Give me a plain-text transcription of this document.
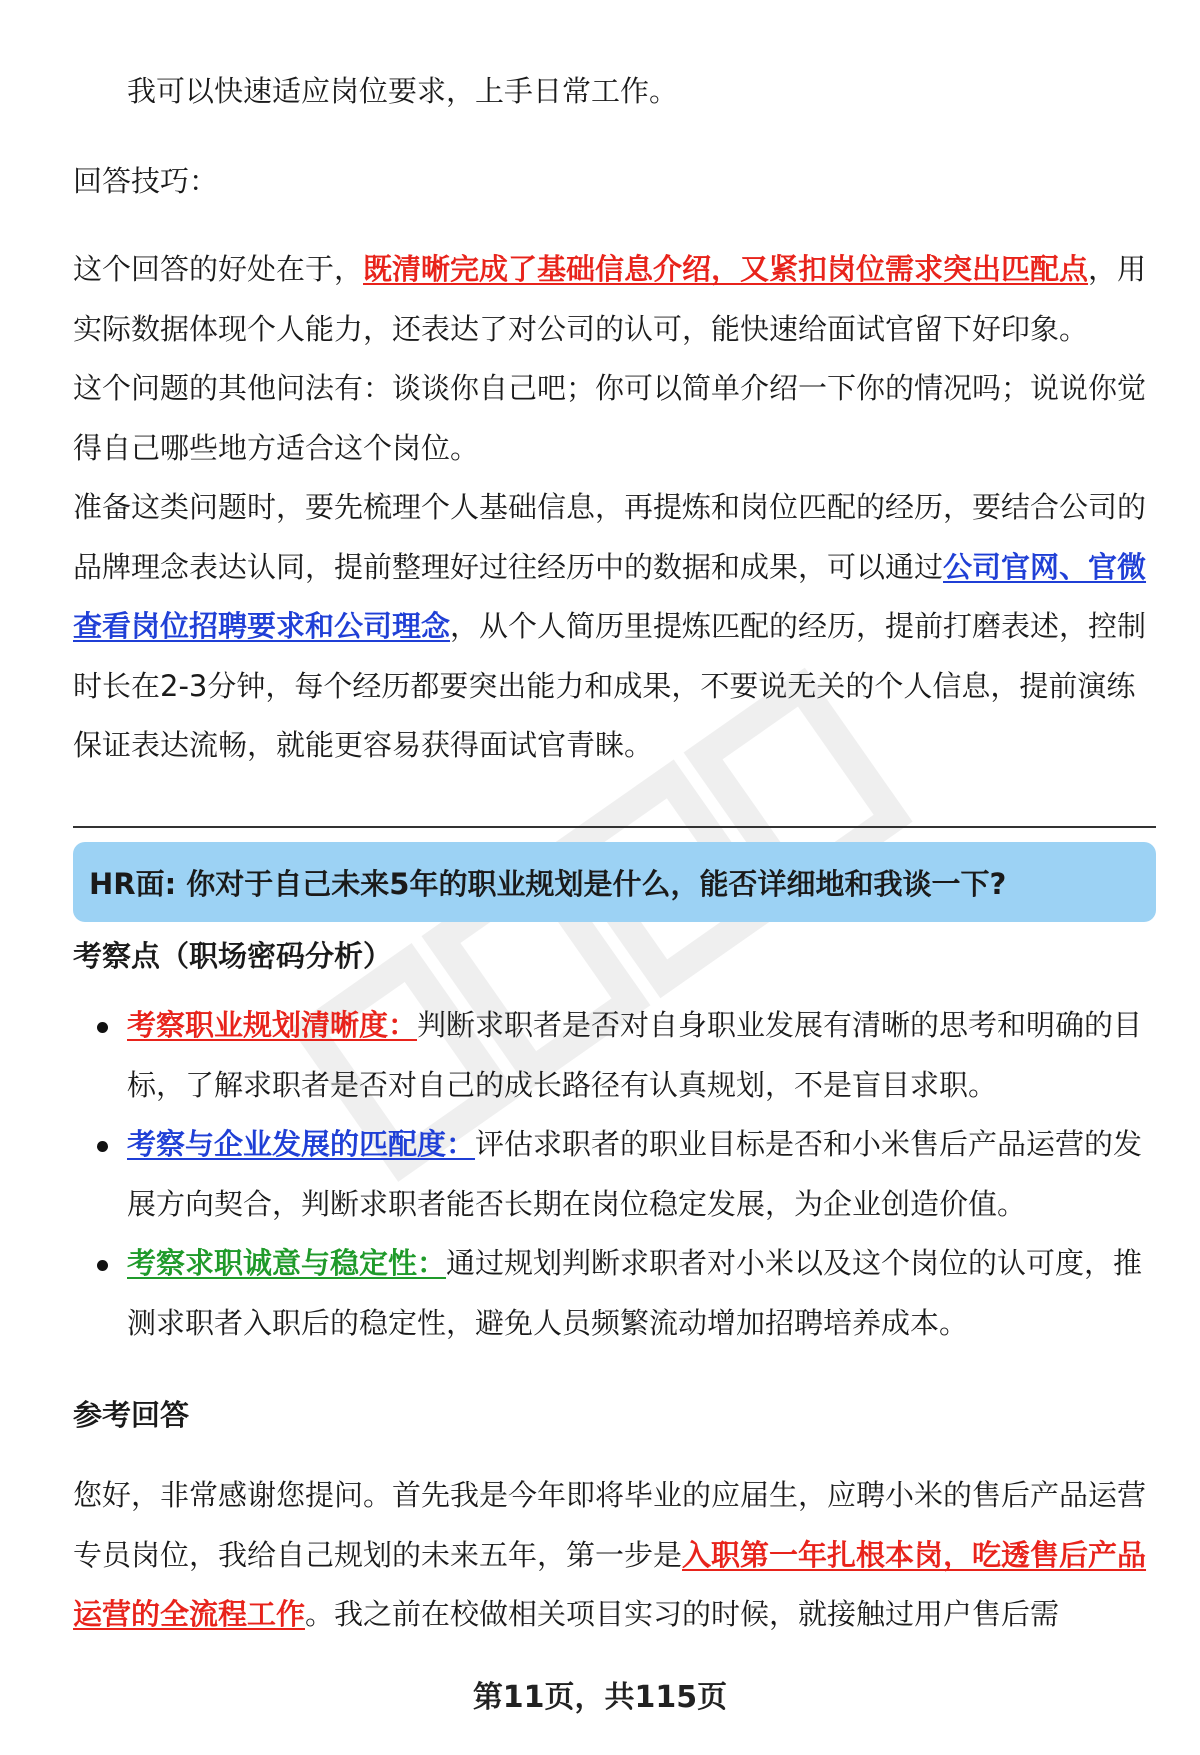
我可以快速适应岗位要求，上手日常工作。

回答技巧：

这个回答的好处在于，既清晰完成了基础信息介绍，又紧扣岗位需求突出匹配点，用实际数据体现个人能力，还表达了对公司的认可，能快速给面试官留下好印象。

这个问题的其他问法有：谈谈你自己吧；你可以简单介绍一下你的情况吗；说说你觉得自己哪些地方适合这个岗位。

准备这类问题时，要先梳理个人基础信息，再提炼和岗位匹配的经历，要结合公司的品牌理念表达认同，提前整理好过往经历中的数据和成果，可以通过公司官网、官微查看岗位招聘要求和公司理念，从个人简历里提炼匹配的经历，提前打磨表述，控制时长在2-3分钟，每个经历都要突出能力和成果，不要说无关的个人信息，提前演练保证表达流畅，就能更容易获得面试官青睐。

HR面: 你对于自己未来5年的职业规划是什么，能否详细地和我谈一下?
考察点（职场密码分析）
考察职业规划清晰度：判断求职者是否对自身职业发展有清晰的思考和明确的目标，了解求职者是否对自己的成长路径有认真规划，不是盲目求职。
考察与企业发展的匹配度：评估求职者的职业目标是否和小米售后产品运营的发展方向契合，判断求职者能否长期在岗位稳定发展，为企业创造价值。
考察求职诚意与稳定性：通过规划判断求职者对小米以及这个岗位的认可度，推测求职者入职后的稳定性，避免人员频繁流动增加招聘培养成本。
参考回答

您好，非常感谢您提问。首先我是今年即将毕业的应届生，应聘小米的售后产品运营专员岗位，我给自己规划的未来五年，第一步是入职第一年扎根本岗，吃透售后产品运营的全流程工作。我之前在校做相关项目实习的时候，就接触过用户售后需

第11页，共115页
